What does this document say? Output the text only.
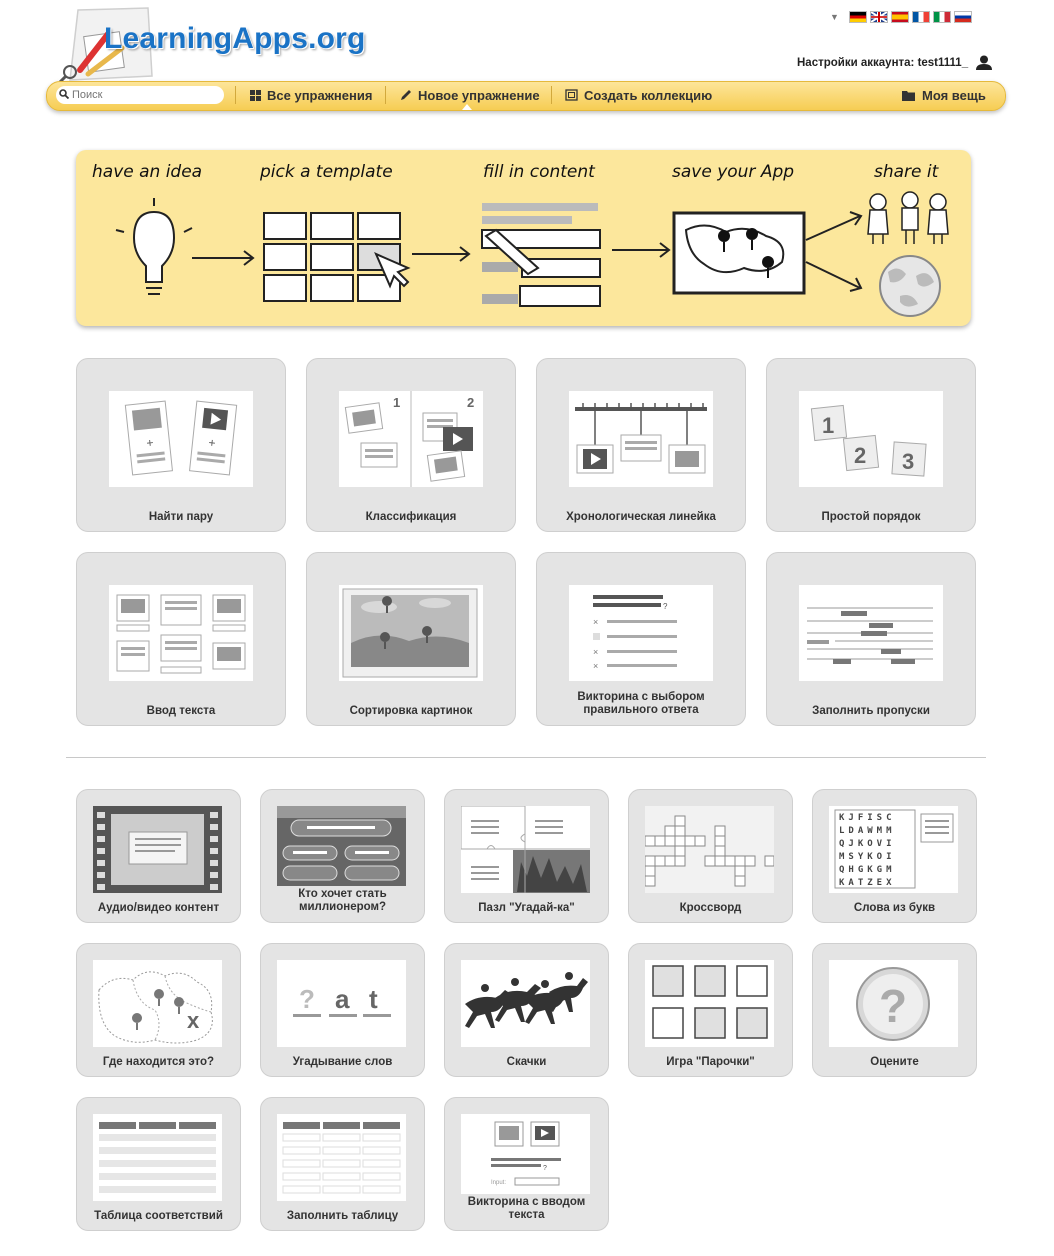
LearningApps.org
▼
Настройки аккаунта: test1111_
Поиск
Все упражнения	Новое упражнение	Создать коллекцию	Моя вещь
have an idea	pick a template	fill in content	save your App	share it
+	+
Найти пару
1	2
Классификация	Хронологическая линейка
1
2 3
Простой порядок
Ввод текста	Сортировка картинок
?
×
×
×
Викторина с выбором правильного ответа	Заполнить пропуски
Аудио/видео контент
Кто хочет стать миллионером?	Пазл "Угадай-ка"	Кроссворд
KJFISC
LDAWMM
QJKOVI
MSYKOI
QHGKGM
KATZEX
Слова из букв
x
Где находится это?
? a t
Угадывание слов	Скачки	Игра "Парочки"
?
Оцените
Таблица соответствий	Заполнить таблицу
?
Input:
Викторина с вводом текста
